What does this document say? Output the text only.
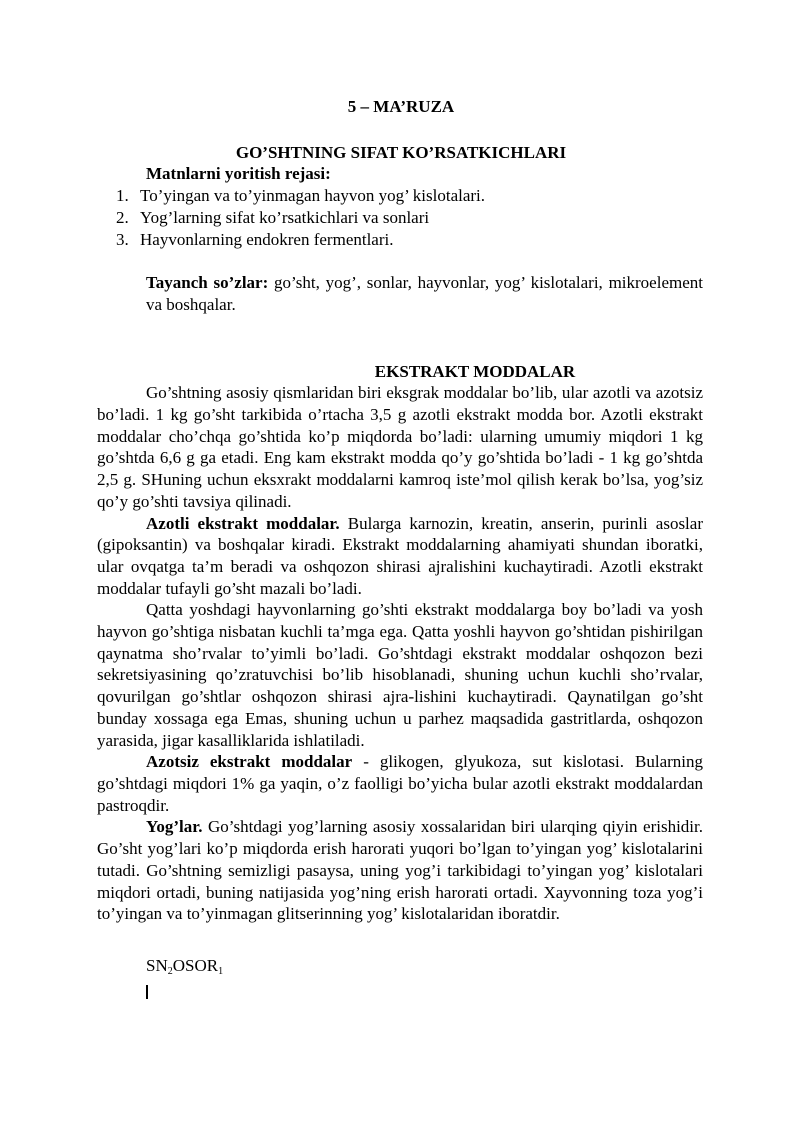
5 – MA’RUZA
GO’SHTNING SIFAT KO’RSATKICHLARI
Matnlarni yoritish rejasi:
1. To’yingan va to’yinmagan hayvon yog’ kislotalari.
2. Yog’larning sifat ko’rsatkichlari va sonlari
3. Hayvonlarning endokren fermentlari.
Tayanch so’zlar: go’sht, yog’, sonlar, hayvonlar, yog’ kislotalari, mikroelement va boshqalar.
EKSTRAKT MODDALAR

Go’shtning asosiy qismlaridan biri eksgrak moddalar bo’lib, ular azotli va azotsiz bo’ladi. 1 kg go’sht tarkibida o’rtacha 3,5 g azotli ekstrakt modda bor. Azotli ekstrakt moddalar cho’chqa go’shtida ko’p miqdorda bo’ladi: ularning umumiy miqdori 1 kg go’shtda 6,6 g ga etadi. Eng kam ekstrakt modda qo’y go’shtida bo’ladi - 1 kg go’shtda 2,5 g. SHuning uchun eksxrakt moddalarni kamroq iste’mol qilish kerak bo’lsa, yog’siz qo’y go’shti tavsiya qilinadi.

Azotli ekstrakt moddalar. Bularga karnozin, kreatin, anserin, purinli asoslar (gipoksantin) va boshqalar kiradi. Ekstrakt moddalarning ahamiyati shundan iboratki, ular ovqatga ta’m beradi va oshqozon shirasi ajralishini kuchaytiradi. Azotli ekstrakt moddalar tufayli go’sht mazali bo’ladi.

Qatta yoshdagi hayvonlarning go’shti ekstrakt moddalarga boy bo’ladi va yosh hayvon go’shtiga nisbatan kuchli ta’mga ega. Qatta yoshli hayvon go’shtidan pishirilgan qaynatma sho’rvalar to’yimli bo’ladi. Go’shtdagi ekstrakt moddalar oshqozon bezi sekretsiyasining qo’zratuvchisi bo’lib hisoblanadi, shuning uchun kuchli sho’rvalar, qovurilgan go’shtlar oshqozon shirasi ajra-lishini kuchaytiradi. Qaynatilgan go’sht bunday xossaga ega Emas, shuning uchun u parhez maqsadida gastritlarda, oshqozon yarasida, jigar kasalliklarida ishlatiladi.

Azotsiz ekstrakt moddalar - glikogen, glyukoza, sut kislotasi. Bularning go’shtdagi miqdori 1% ga yaqin, o’z faolligi bo’yicha bular azotli ekstrakt moddalardan pastroqdir.

Yog’lar. Go’shtdagi yog’larning asosiy xossalaridan biri ularqing qiyin erishidir. Go’sht yog’lari ko’p miqdorda erish harorati yuqori bo’lgan to’yingan yog’ kislotalarini tutadi. Go’shtning semizligi pasaysa, uning yog’i tarkibidagi to’yingan yog’ kislotalari miqdori ortadi, buning natijasida yog’ning erish harorati ortadi. Xayvonning toza yog’i to’yingan va to’yinmagan glitserinning yog’ kislotalaridan iboratdir.

$SN_2OSOR_1$
